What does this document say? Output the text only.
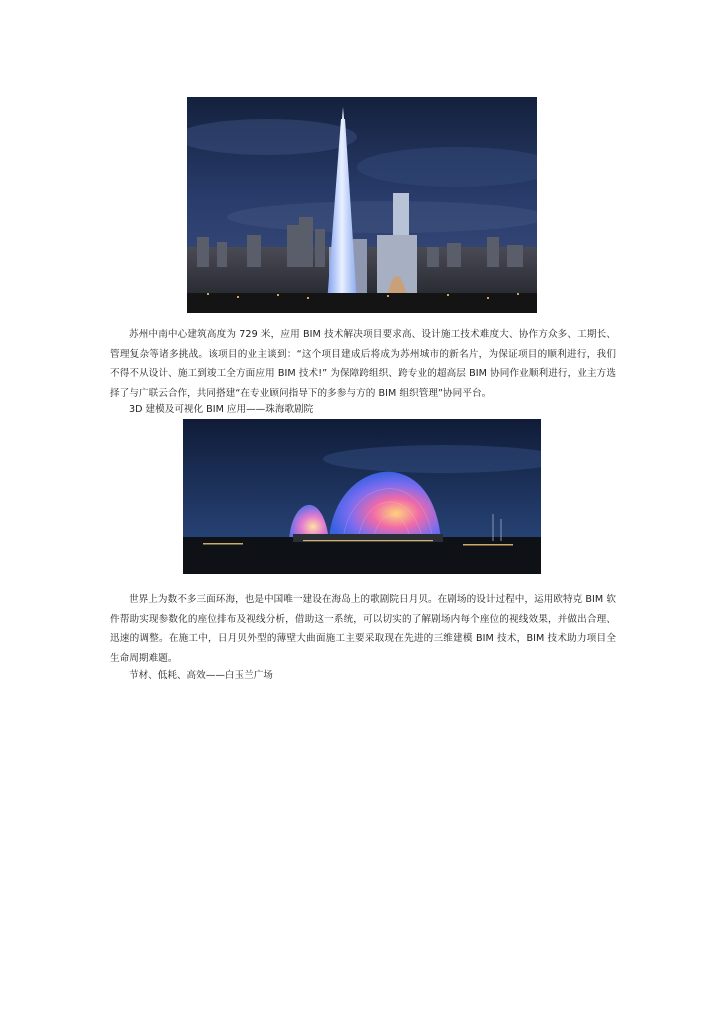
苏州中南中心建筑高度为 729 米，应用 BIM 技术解决项目要求高、设计施工技术难度大、协作方众多、工期长、管理复杂等诸多挑战。该项目的业主谈到：“这个项目建成后将成为苏州城市的新名片，为保证项目的顺利进行，我们不得不从设计、施工到竣工全方面应用 BIM 技术!” 为保障跨组织、跨专业的超高层 BIM 协同作业顺利进行，业主方选择了与广联云合作，共同搭建“在专业顾问指导下的多参与方的 BIM 组织管理”协同平台。

3D 建模及可视化 BIM 应用——珠海歌剧院

世界上为数不多三面环海，也是中国唯一建设在海岛上的歌剧院日月贝。在剧场的设计过程中，运用欧特克 BIM 软件帮助实现参数化的座位排布及视线分析，借助这一系统，可以切实的了解剧场内每个座位的视线效果，并做出合理、迅速的调整。在施工中，日月贝外型的薄壁大曲面施工主要采取现在先进的三维建模 BIM 技术，BIM 技术助力项目全生命周期难题。

节材、低耗、高效——白玉兰广场
